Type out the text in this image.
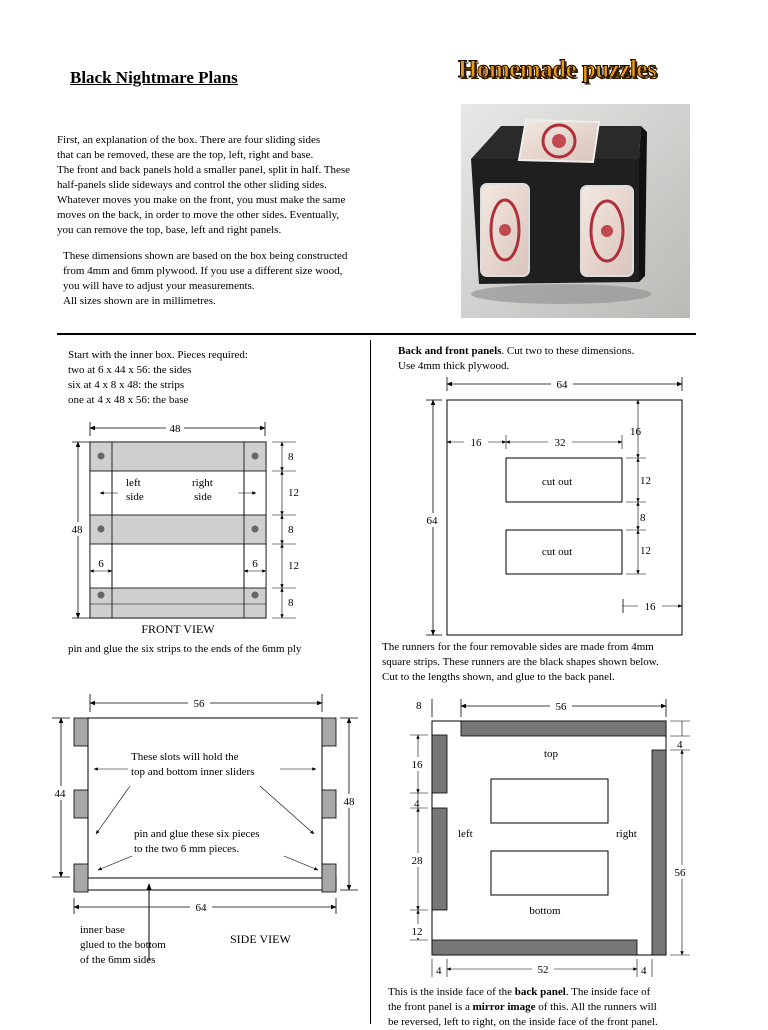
Black Nightmare Plans	Homemade puzzles
First, an explanation of the box. There are four sliding sides
that can be removed, these are the top, left, right and base.
The front and back panels hold a smaller panel, split in half. These
half-panels slide sideways and control the other sliding sides.
Whatever moves you make on the front, you must make the same
moves on the back, in order to move the other sides. Eventually,
you can remove the top, base, left and right panels.
These dimensions shown are based on the box being constructed
from 4mm and 6mm plywood. If you use a different size wood,
you will have to adjust your measurements.
All sizes shown are in millimetres.
Start with the inner box. Pieces required:
two at 6 x 44 x 56: the sides
six at 4 x 8 x 48: the strips
one at 4 x 48 x 56: the base
Back and front panels. Cut two to these dimensions.
Use 4mm thick plywood.
48
48
left side
right side
6	6
8
12
8
12
8
FRONT VIEW
pin and glue the six strips to the ends of the 6mm ply
56
44
48
These slots will hold the top and bottom inner sliders
pin and glue these six pieces to the two 6 mm pieces.
64
SIDE VIEW
inner base
glued to the bottom
of the 6mm sides
64
64
cut out
cut out
16	32
16
12
8
12
16
The runners for the four removable sides are made from 4mm
square strips. These runners are the black shapes shown below.
Cut to the lengths shown, and glue to the back panel.
8	56
top
left	right
bottom
4
56
16
4
28
12
4	52	4
This is the inside face of the back panel. The inside face of
the front panel is a mirror image of this. All the runners will
be reversed, left to right, on the inside face of the front panel.
